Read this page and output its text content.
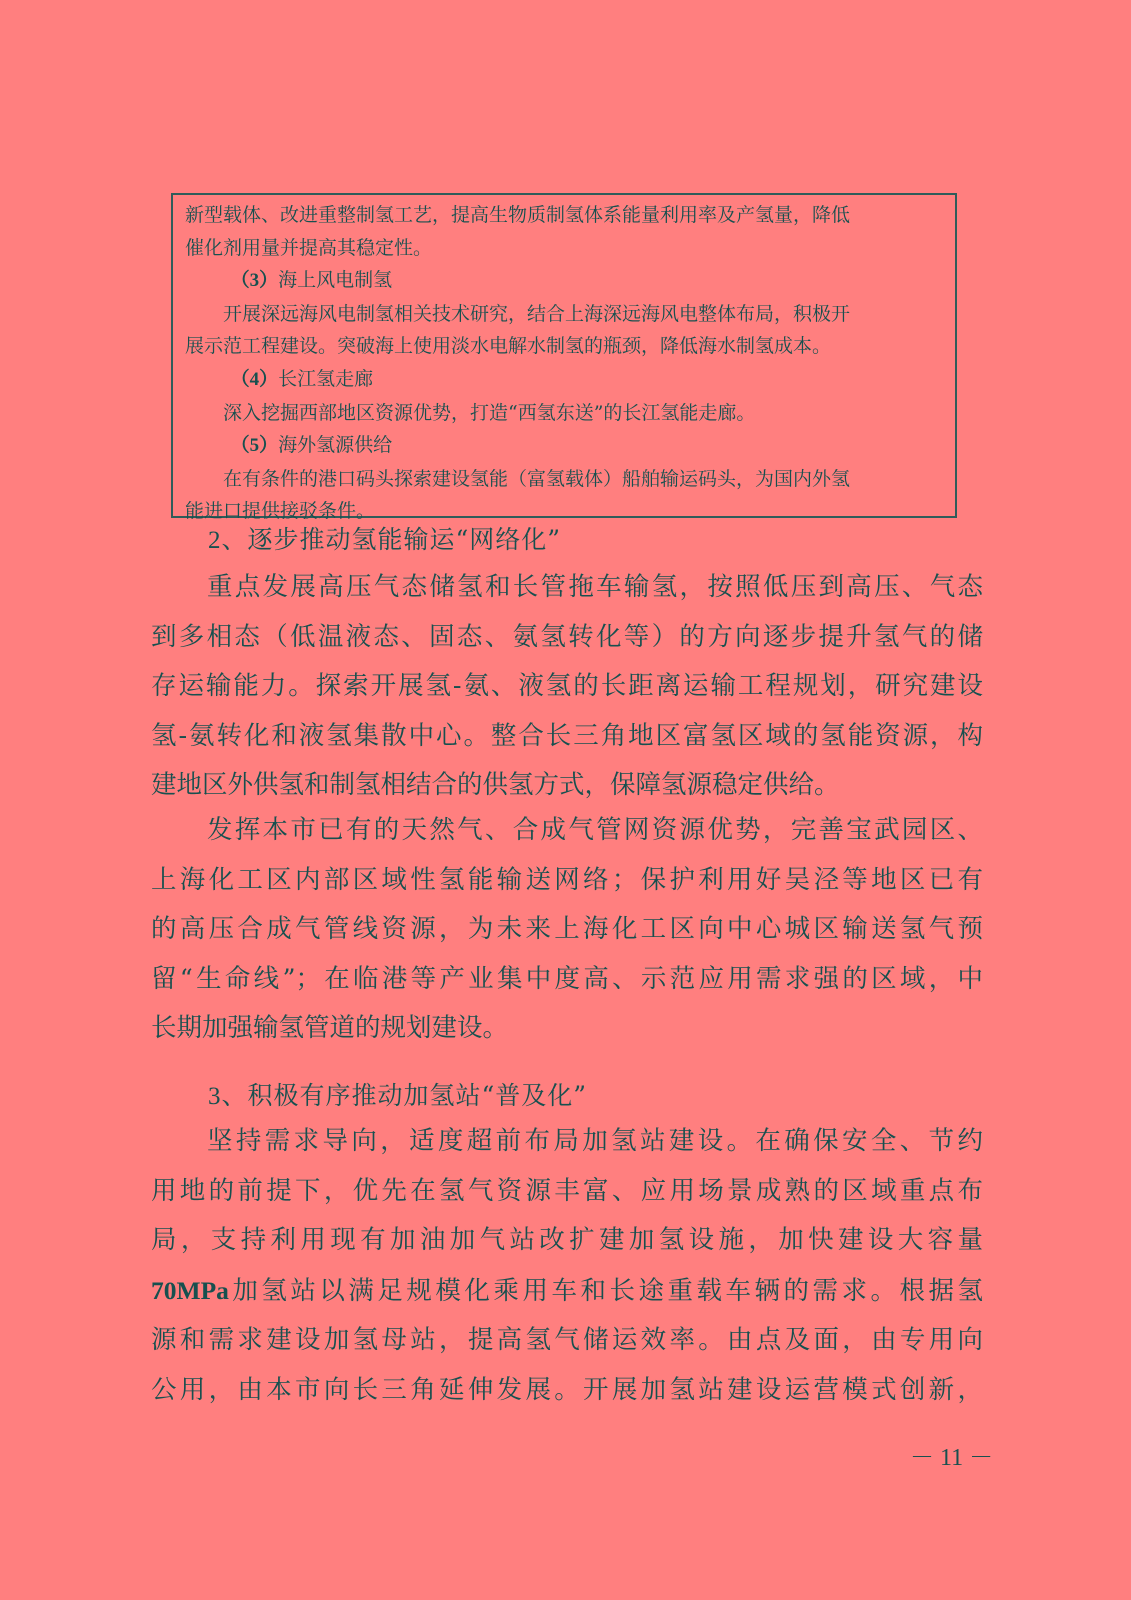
新型载体、改进重整制氢工艺，提高生物质制氢体系能量利用率及产氢量，降低

催化剂用量并提高其稳定性。

（3）海上风电制氢

开展深远海风电制氢相关技术研究，结合上海深远海风电整体布局，积极开

展示范工程建设。突破海上使用淡水电解水制氢的瓶颈，降低海水制氢成本。

（4）长江氢走廊

深入挖掘西部地区资源优势，打造“西氢东送”的长江氢能走廊。

（5）海外氢源供给

在有条件的港口码头探索建设氢能（富氢载体）船舶输运码头，为国内外氢

能进口提供接驳条件。

2、逐步推动氢能输运“网络化”
重点发展高压气态储氢和长管拖车输氢，按照低压到高压、气态
到多相态（低温液态、固态、氨氢转化等）的方向逐步提升氢气的储
存运输能力。探索开展氢-氨、液氢的长距离运输工程规划，研究建设
氢-氨转化和液氢集散中心。整合长三角地区富氢区域的氢能资源，构
建地区外供氢和制氢相结合的供氢方式，保障氢源稳定供给。
发挥本市已有的天然气、合成气管网资源优势，完善宝武园区、
上海化工区内部区域性氢能输送网络；保护利用好吴泾等地区已有
的高压合成气管线资源，为未来上海化工区向中心城区输送氢气预
留“生命线”；在临港等产业集中度高、示范应用需求强的区域，中
长期加强输氢管道的规划建设。
3、积极有序推动加氢站“普及化”
坚持需求导向，适度超前布局加氢站建设。在确保安全、节约
用地的前提下，优先在氢气资源丰富、应用场景成熟的区域重点布
局，支持利用现有加油加气站改扩建加氢设施，加快建设大容量
70MPa加氢站以满足规模化乘用车和长途重载车辆的需求。根据氢
源和需求建设加氢母站，提高氢气储运效率。由点及面，由专用向
公用，由本市向长三角延伸发展。开展加氢站建设运营模式创新，
－ 11 －
